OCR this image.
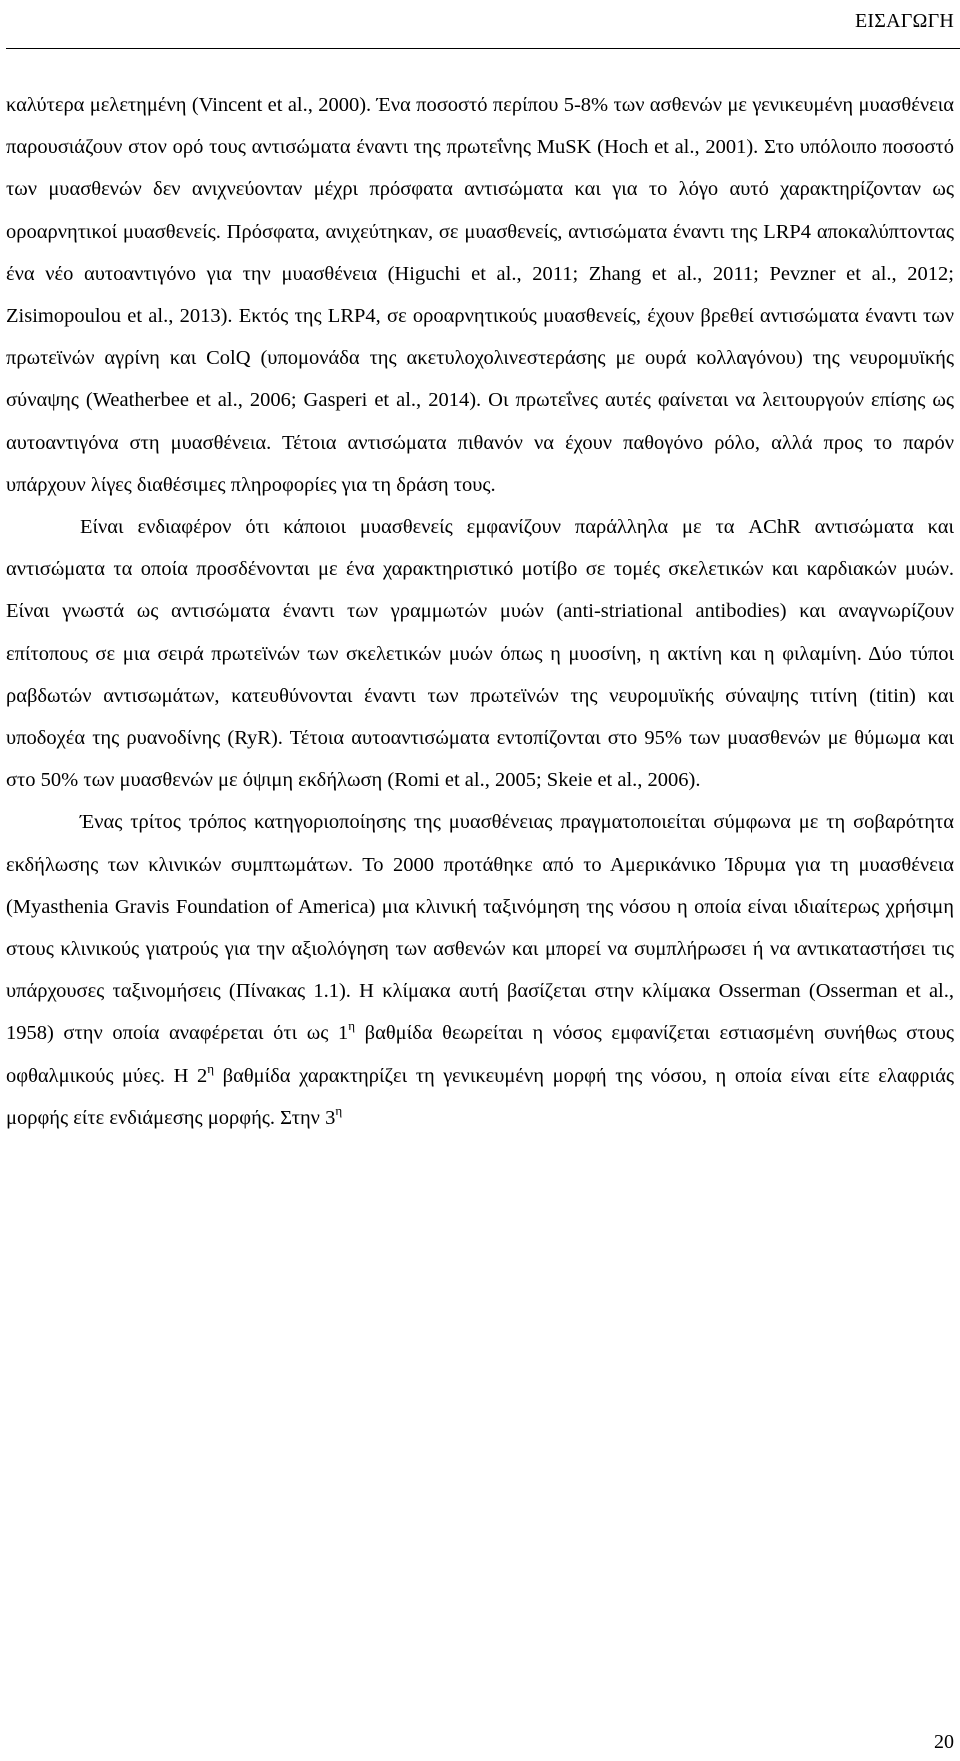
ΕΙΣΑΓΩΓΗ

καλύτερα μελετημένη (Vincent et al., 2000). Ένα ποσοστό περίπου 5-8% των ασθενών με γενικευμένη μυασθένεια παρουσιάζουν στον ορό τους αντισώματα έναντι της πρωτεΐνης MuSK (Hoch et al., 2001). Στο υπόλοιπο ποσοστό των μυασθενών δεν ανιχνεύονταν μέχρι πρόσφατα αντισώματα και για το λόγο αυτό χαρακτηρίζονταν ως οροαρνητικοί μυασθενείς. Πρόσφατα, ανιχεύτηκαν, σε μυασθενείς, αντισώματα έναντι της LRP4 αποκαλύπτοντας ένα νέο αυτοαντιγόνο για την μυασθένεια (Higuchi et al., 2011; Zhang et al., 2011; Pevzner et al., 2012; Zisimopoulou et al., 2013). Εκτός της LRP4, σε οροαρνητικούς μυασθενείς, έχουν βρεθεί αντισώματα έναντι των πρωτεϊνών αγρίνη και ColQ (υπομονάδα της ακετυλοχολινεστεράσης με ουρά κολλαγόνου) της νευρομυϊκής σύναψης (Weatherbee et al., 2006; Gasperi et al., 2014). Οι πρωτεΐνες αυτές φαίνεται να λειτουργούν επίσης ως αυτοαντιγόνα στη μυασθένεια. Τέτοια αντισώματα πιθανόν να έχουν παθογόνο ρόλο, αλλά προς το παρόν υπάρχουν λίγες διαθέσιμες πληροφορίες για τη δράση τους.

Είναι ενδιαφέρον ότι κάποιοι μυασθενείς εμφανίζουν παράλληλα με τα AChR αντισώματα και αντισώματα τα οποία προσδένονται με ένα χαρακτηριστικό μοτίβο σε τομές σκελετικών και καρδιακών μυών. Είναι γνωστά ως αντισώματα έναντι των γραμμωτών μυών (anti-striational antibodies) και αναγνωρίζουν επίτοπους σε μια σειρά πρωτεϊνών των σκελετικών μυών όπως η μυοσίνη, η ακτίνη και η φιλαμίνη. Δύο τύποι ραβδωτών αντισωμάτων, κατευθύνονται έναντι των πρωτεϊνών της νευρομυϊκής σύναψης τιτίνη (titin) και υποδοχέα της ρυανοδίνης (RyR). Τέτοια αυτοαντισώματα εντοπίζονται στο 95% των μυασθενών με θύμωμα και στο 50% των μυασθενών με όψιμη εκδήλωση (Romi et al., 2005; Skeie et al., 2006).

Ένας τρίτος τρόπος κατηγοριοποίησης της μυασθένειας πραγματοποιείται σύμφωνα με τη σοβαρότητα εκδήλωσης των κλινικών συμπτωμάτων. Το 2000 προτάθηκε από το Αμερικάνικο Ίδρυμα για τη μυασθένεια (Myasthenia Gravis Foundation of America) μια κλινική ταξινόμηση της νόσου η οποία είναι ιδιαίτερως χρήσιμη στους κλινικούς γιατρούς για την αξιολόγηση των ασθενών και μπορεί να συμπλήρωσει ή να αντικαταστήσει τις υπάρχουσες ταξινομήσεις (Πίνακας 1.1). Η κλίμακα αυτή βασίζεται στην κλίμακα Osserman (Osserman et al., 1958) στην οποία αναφέρεται ότι ως $1^\eta$ βαθμίδα θεωρείται η νόσος εμφανίζεται εστιασμένη συνήθως στους οφθαλμικούς μύες. Η $2^\eta$ βαθμίδα χαρακτηρίζει τη γενικευμένη μορφή της νόσου, η οποία είναι είτε ελαφριάς μορφής είτε ενδιάμεσης μορφής. Στην $3^\eta$

20
